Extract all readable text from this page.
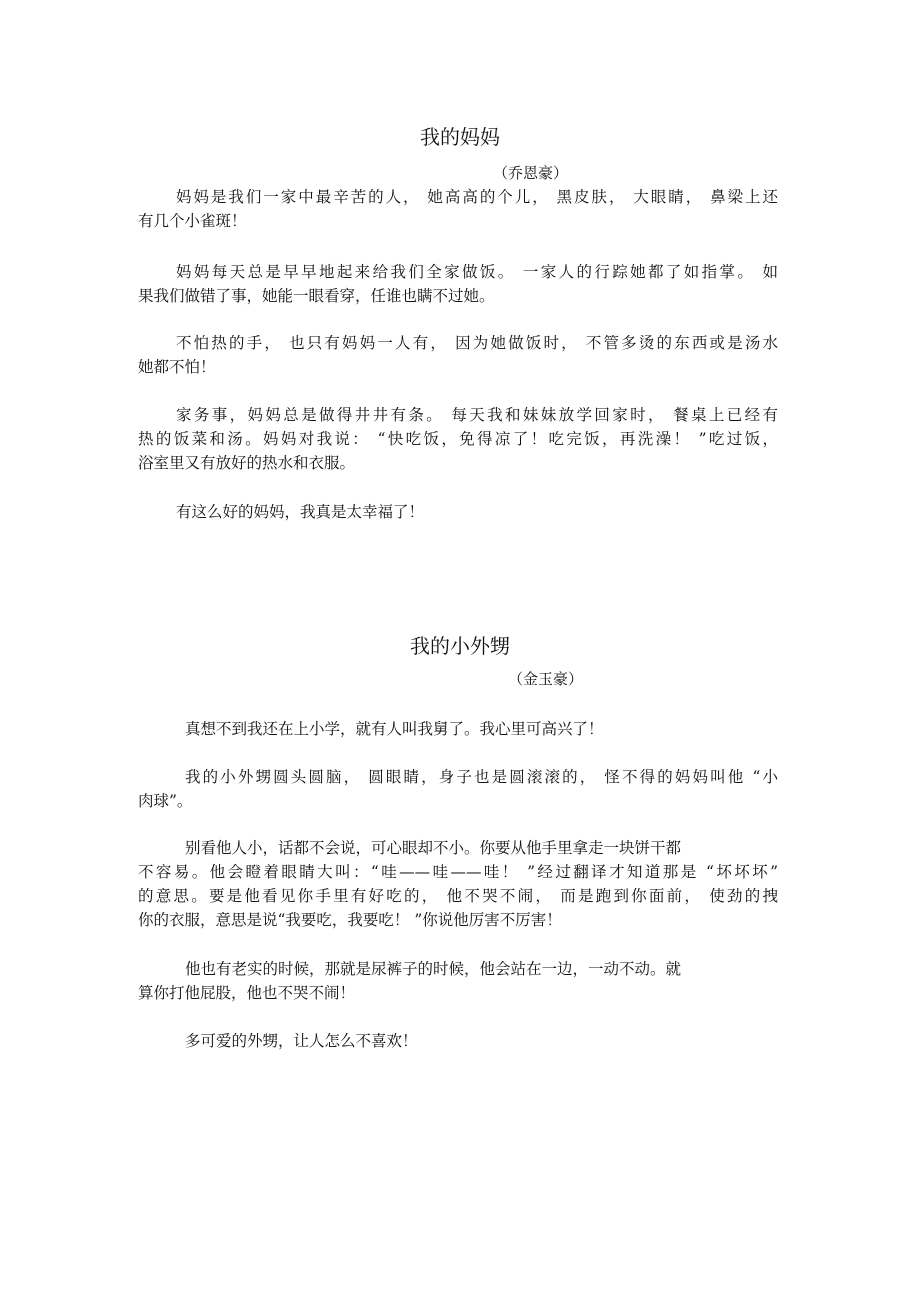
我的妈妈
（乔恩豪）

妈妈是我们一家中最辛苦的人， 她高高的个儿， 黑皮肤， 大眼睛， 鼻梁上还
有几个小雀斑！

妈妈每天总是早早地起来给我们全家做饭。 一家人的行踪她都了如指掌。 如
果我们做错了事，她能一眼看穿，任谁也瞒不过她。

不怕热的手， 也只有妈妈一人有， 因为她做饭时， 不管多烫的东西或是汤水
她都不怕！

家务事，妈妈总是做得井井有条。 每天我和妹妹放学回家时， 餐桌上已经有
热的饭菜和汤。妈妈对我说： “快吃饭，免得凉了！吃完饭，再洗澡！ ”吃过饭，
浴室里又有放好的热水和衣服。

有这么好的妈妈，我真是太幸福了！

我的小外甥
（金玉豪）

真想不到我还在上小学，就有人叫我舅了。我心里可高兴了！

我的小外甥圆头圆脑， 圆眼睛，身子也是圆滚滚的， 怪不得的妈妈叫他 “小
肉球”。

别看他人小，话都不会说，可心眼却不小。你要从他手里拿走一块饼干都
不容易。他会瞪着眼睛大叫：“哇——哇——哇！ ”经过翻译才知道那是 “坏坏坏”
的意思。要是他看见你手里有好吃的， 他不哭不闹， 而是跑到你面前， 使劲的拽
你的衣服，意思是说“我要吃，我要吃！ ”你说他厉害不厉害！

他也有老实的时候，那就是尿裤子的时候，他会站在一边，一动不动。就
算你打他屁股，他也不哭不闹！

多可爱的外甥，让人怎么不喜欢！
